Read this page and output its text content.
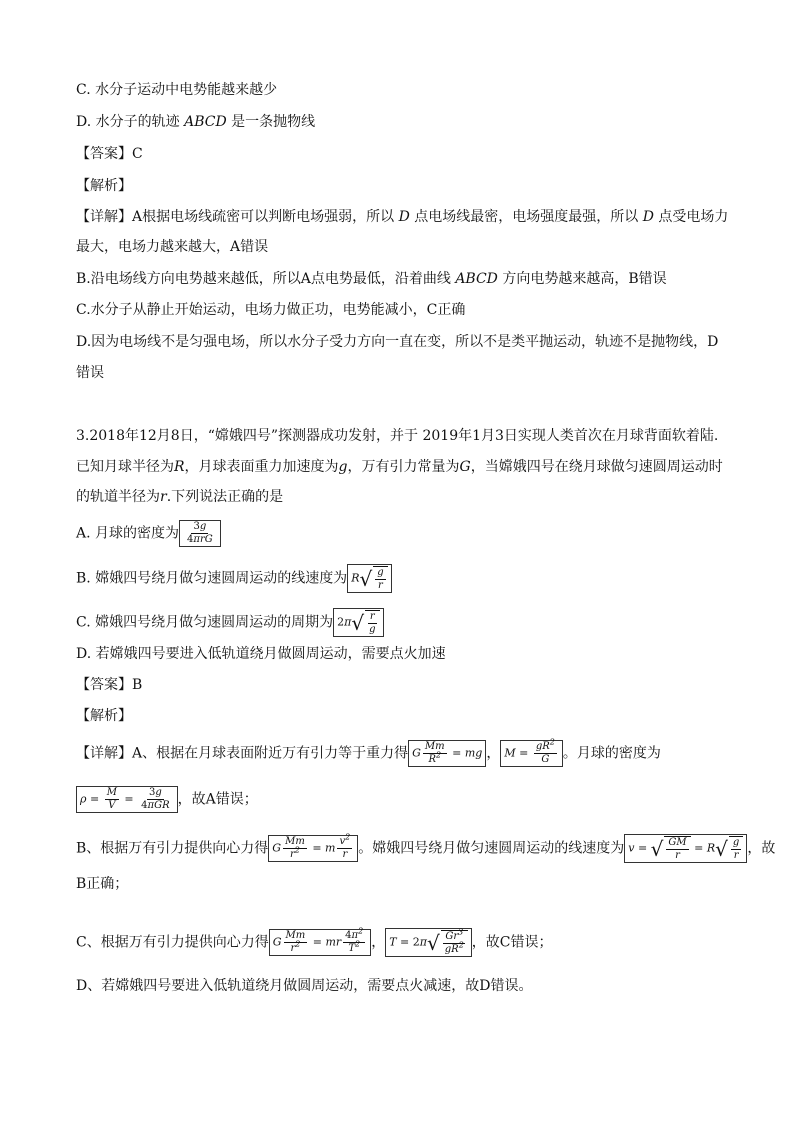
C. 水分子运动中电势能越来越少
D. 水分子的轨迹 ABCD 是一条抛物线
【答案】C
【解析】
【详解】A根据电场线疏密可以判断电场强弱，所以 D 点电场线最密，电场强度最强，所以 D 点受电场力
最大，电场力越来越大，A错误
B.沿电场线方向电势越来越低，所以A点电势最低，沿着曲线 ABCD 方向电势越来越高，B错误
C.水分子从静止开始运动，电场力做正功，电势能减小，C正确
D.因为电场线不是匀强电场，所以水分子受力方向一直在变，所以不是类平抛运动，轨迹不是抛物线，D
错误
3.2018年12月8日，“嫦娥四号”探测器成功发射，并于 2019年1月3日实现人类首次在月球背面软着陆.
已知月球半径为R，月球表面重力加速度为g，万有引力常量为G，当嫦娥四号在绕月球做匀速圆周运动时
的轨道半径为r.下列说法正确的是
A. 月球的密度为 $\frac{3g}{\text{4πrG}}$
B. 嫦娥四号绕月做匀速圆周运动的线速度为 R √ $\frac{g}{r}$
C. 嫦娥四号绕月做匀速圆周运动的周期为 2π √ $\frac{r}{g}$
D. 若嫦娥四号要进入低轨道绕月做圆周运动，需要点火加速
【答案】B
【解析】
【详解】A、根据在月球表面附近万有引力等于重力得 G $\frac{Mm}{R^2}$ = mg ， $M = \frac{gR^2}{G}$ 。月球的密度为
$\rho = \frac{M}{V} = \frac{3g}{\text{4πGR}}$ ，故A错误；
B、根据万有引力提供向心力得 G $\frac{Mm}{r^2} = m \frac{v^2}{r}$ 。嫦娥四号绕月做匀速圆周运动的线速度为 v = √ $\frac{GM}{r} = R$ √ $\frac{g}{r}$ ，故
B正确；
C、根据万有引力提供向心力得 G $\frac{Mm}{r^2}$ = mr $\frac{4\pi^2}{T^2}$ ， T = 2π √ $\frac{Gr^3}{gR^2}$ ，故C错误；
D、若嫦娥四号要进入低轨道绕月做圆周运动，需要点火减速，故D错误。
